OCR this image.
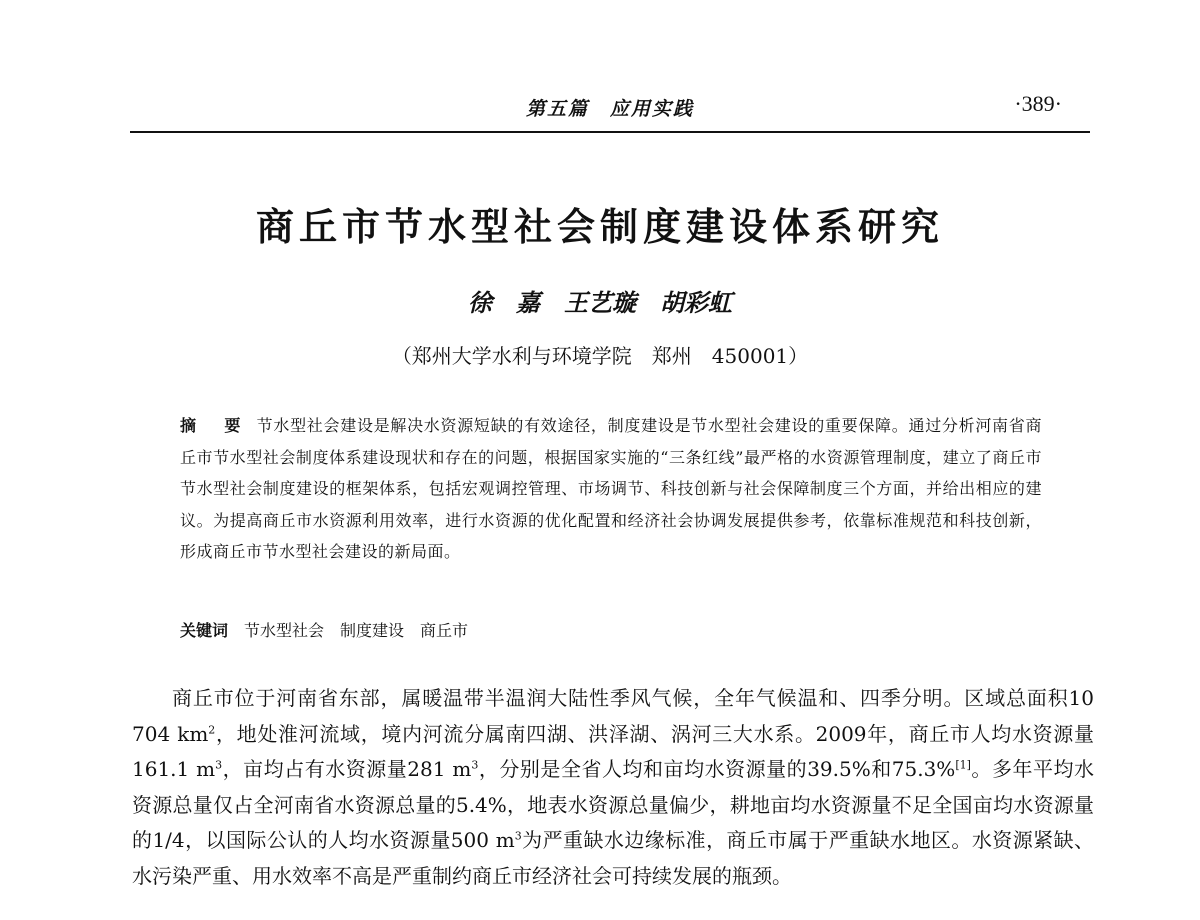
第五篇　应用实践	·389·
商丘市节水型社会制度建设体系研究
徐　嘉　王艺璇　胡彩虹
（郑州大学水利与环境学院　郑州　450001）
摘　要 节水型社会建设是解决水资源短缺的有效途径，制度建设是节水型社会建设的重要保障。通过分析河南省商丘市节水型社会制度体系建设现状和存在的问题，根据国家实施的“三条红线”最严格的水资源管理制度，建立了商丘市节水型社会制度建设的框架体系，包括宏观调控管理、市场调节、科技创新与社会保障制度三个方面，并给出相应的建议。为提高商丘市水资源利用效率，进行水资源的优化配置和经济社会协调发展提供参考，依靠标准规范和科技创新，形成商丘市节水型社会建设的新局面。
关键词 节水型社会　制度建设　商丘市
商丘市位于河南省东部，属暖温带半温润大陆性季风气候，全年气候温和、四季分明。区域总面积10 704 $km^2$，地处淮河流域，境内河流分属南四湖、洪泽湖、涡河三大水系。2009年，商丘市人均水资源量161.1 $m^3$，亩均占有水资源量281 $m^3$，分别是全省人均和亩均水资源量的39.5%和75.3%[1]。多年平均水资源总量仅占全河南省水资源总量的5.4%，地表水资源总量偏少，耕地亩均水资源量不足全国亩均水资源量的1/4，以国际公认的人均水资源量500 $m^3$为严重缺水边缘标准，商丘市属于严重缺水地区。水资源紧缺、水污染严重、用水效率不高是严重制约商丘市经济社会可持续发展的瓶颈。
